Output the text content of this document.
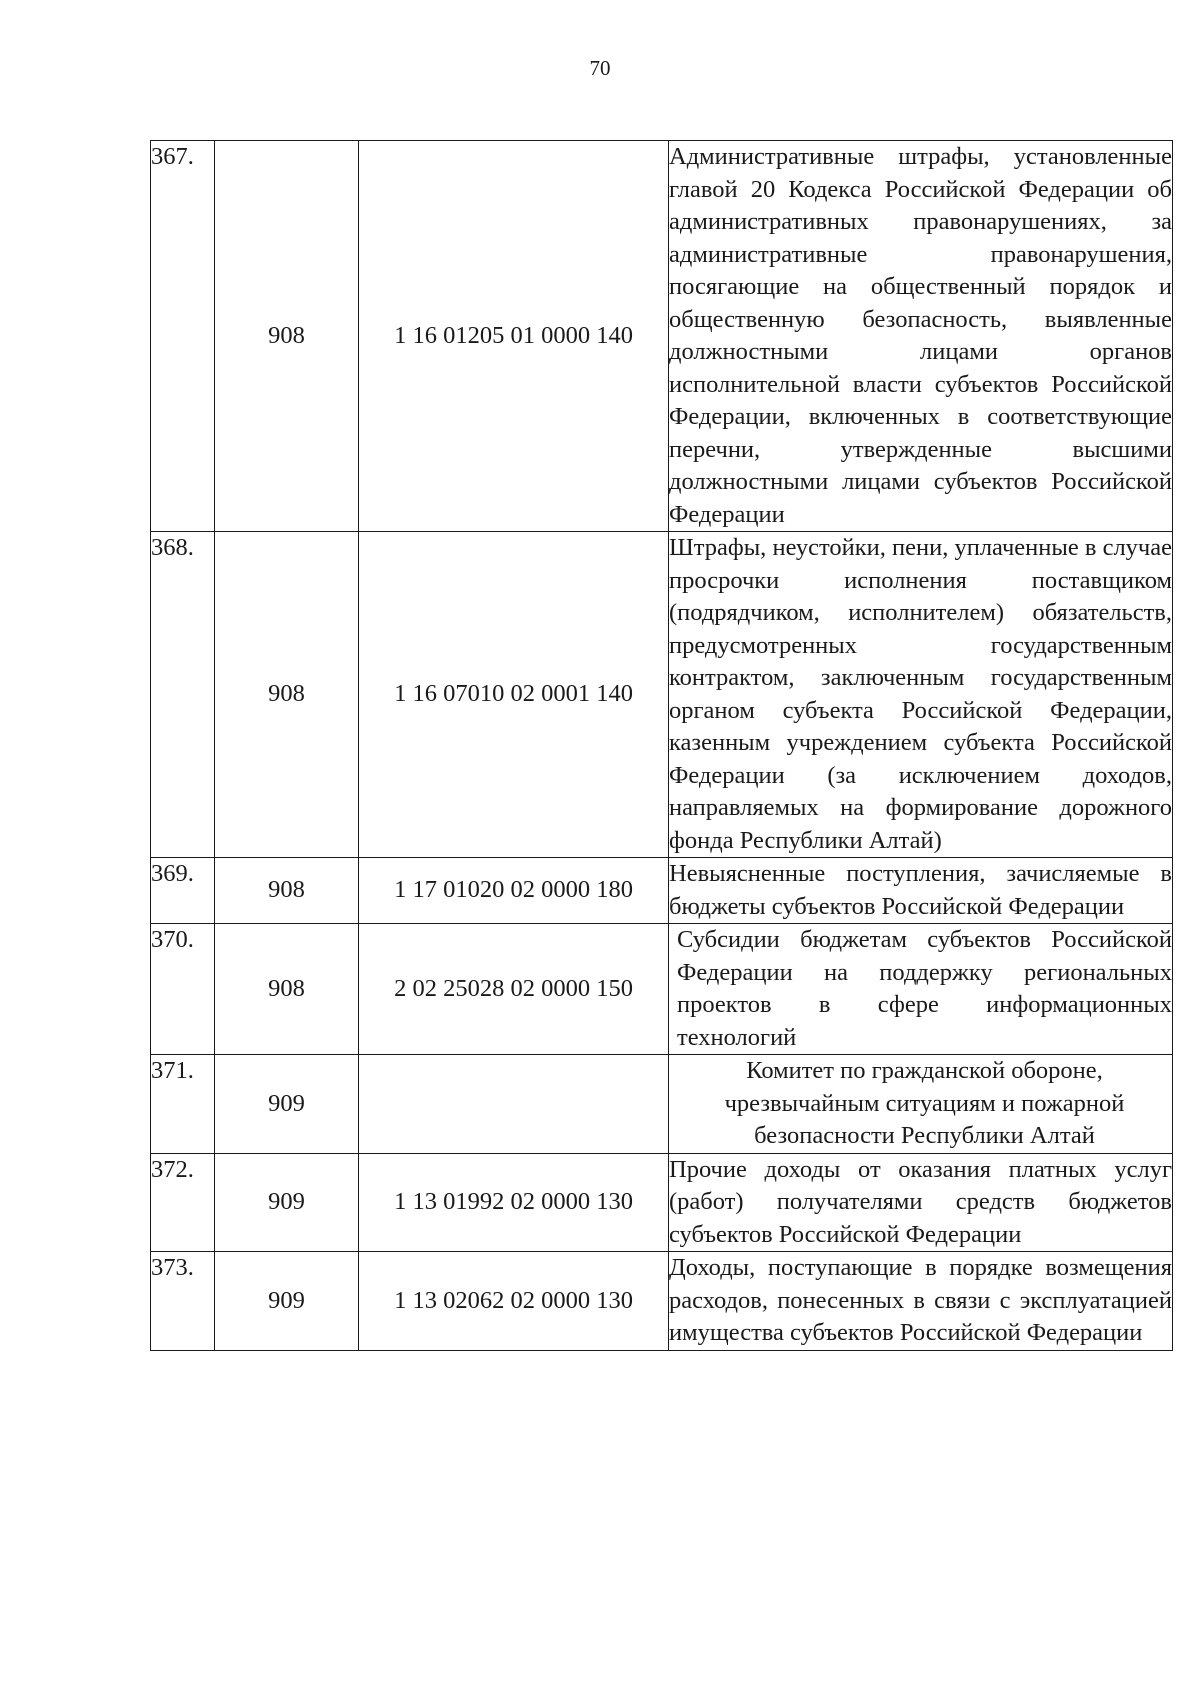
70
367.	908	1 16 01205 01 0000 140	Административные штрафы, установленные главой 20 Кодекса Российской Федерации об административных правонарушениях, за административные правонарушения, посягающие на общественный порядок и общественную безопасность, выявленные должностными лицами органов исполнительной власти субъектов Российской Федерации, включенных в соответствующие перечни, утвержденные высшими должностными лицами субъектов Российской Федерации
368.	908	1 16 07010 02 0001 140	Штрафы, неустойки, пени, уплаченные в случае просрочки исполнения поставщиком (подрядчиком, исполнителем) обязательств, предусмотренных государственным контрактом, заключенным государственным органом субъекта Российской Федерации, казенным учреждением субъекта Российской Федерации (за исключением доходов, направляемых на формирование дорожного фонда Республики Алтай)
369.	908	1 17 01020 02 0000 180	Невыясненные поступления, зачисляемые в бюджеты субъектов Российской Федерации
370.	908	2 02 25028 02 0000 150	Субсидии бюджетам субъектов Российской Федерации на поддержку региональных проектов в сфере информационных технологий
371.	909		Комитет по гражданской обороне, чрезвычайным ситуациям и пожарной безопасности Республики Алтай
372.	909	1 13 01992 02 0000 130	Прочие доходы от оказания платных услуг (работ) получателями средств бюджетов субъектов Российской Федерации
373.	909	1 13 02062 02 0000 130	Доходы, поступающие в порядке возмещения расходов, понесенных в связи с эксплуатацией имущества субъектов Российской Федерации
